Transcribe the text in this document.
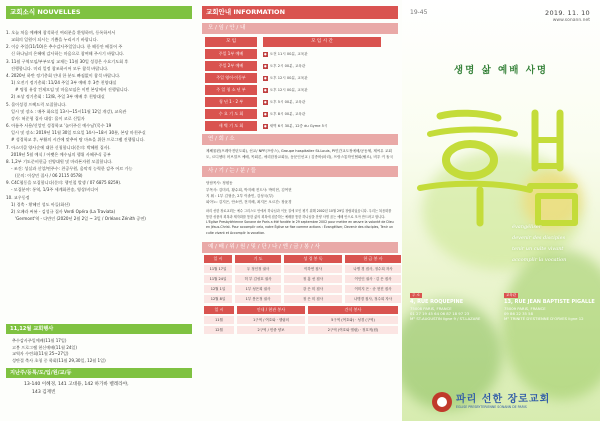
교회소식 NOUVELLES
1. 오늘 처음 예배에 참석하신 여러분을 환영하며, 등록하셔서
교회의 일원이 되시는 기쁨을 누리시기 바랍니다.
2. 이승 주일(11/10)은 추수감사주일입니다. 한 해동안 베풀어 주
신 하나님의 은혜에 감사하는 마음으로 참여해 주시기 바랍니다.
3. 11월 구역모임/부부모임 교재는 11월 30일 성경은 수요기도회 후
진행합니다. 미리 일정 참조하시어 모두 참석 바랍니다.
4. 2020년 하반 정기총회 안내 한 분도 빠짐없이 참석 바랍니다.
1) 오전기 정기총회: 11/24 주일 3부 예배 후 3층 친양대실
# 명칭 유상 컨제모임 및 마음모임은 이번 본당에서 진행됩니다.
2) 조상 정기총회 : 12/8, 주일 3부 예배 후 친양대실
5. 몰이성경 프랙드릭 모집합니다.
일시 및 장소 : 매주 화요일 13시~15시11월 12일 개강), 교육관
강사: 허준형 집사 대상: 몰이 코로 신입자
6. 아름주 사용/신앙인 성경학교 '놀이주신 예수님'(목수 19
일시 및 장소: 2019년 11월 30일 토요일 14시~18시 30분, 본당 마친주실
# 성경학교 후, 부활의 시간에 맞추어 탐 마쓰을 위한 프로그램 진행됩니다.
7. 아스미클 양사순에 대한 신청합니다(문의: 박혜원 집사).
2019년 5월 예식 / 어쨋은 예수님의 행위 사혜주식 공부
8. 1,2부 기도준비헌금 진양대원 및 마라톤자원 모집합니다.
- 조건: 성실과 신앙/연주수: 찬공무원, 음악적 능력한 감주 어르 가능
(문의: 이상민 집사 / 06 2115 0578)
9. C4C협동을 모집합니다(문의: 행인철 발생 / 07 6875 8259).
- 모집분야: 통역, 1/3주 세계화찬송, 영상/비디어
10. 교우동정
1) 경축 - 황혜인 성도 아들(화산)
2) 오페라 씨뷰 - 김성규 집사 Verdi Opéra (La Traviata)
'Germont'역 - 다만인 (2020년 2월 2일 ~ 3일 / Orléans Zénith 공연)
11,12월 교회행사
추수감사주일예배(11월 17일)
고봉 프로그램 현신예배(11월 24일)
교역자 수련회(11월 25~27일)
성탄절 축사 초청 중 학회(11월 29,30일, 12월 1일)
지난주/등록/도/입/원/교/등
13-140 이혜경, 141 고대용, 142 하가바 벨레라야,
143 김재빈
교회안내 INFORMATION
모 / 임 / 안 / 내
모 임	모 임 시 간
주일 1부 예배	● 오전 11시 00분, 교육관
주일 2부 예배	● 오후 2시 00분, 교육관
주일 영어·이동부	● 오후 12시 00분, 교육관
주 일 청 소 년 부	● 오후 12시 00분, 교육관
청 년 1 · 2 부	● 오후 5시 00분, 교육관
수 요 기 도 회	● 오후 8시 00분, 교육관
새 벽 기 도 회	● 새벽 6시 30분, 12층 du Gyme 5시
연 / 회 / 소
제쎄물편(프레아전턴도회), 선교/ NPF(프랑스), Groupe hospitalier St-Louis, PI민간교도정예배/공동체, 제씨무 교회도, 르디센터 어브말프 예배, 목회론, 애리한장교회들, 동문인선교 / 김종바(파리), 프랑스통학인협회(퓔르), 비우 커 돌국
사 / 기 / 는 / 분 / 들
당담목사: 정원동
부목사: 김미리, 황수희, 박지혜 전도사: 박미현, 김여현
지 휘 : 1부 김형준, 2부 이솔민, 김성국(부)
피아노: 김지은, 안소연, 전지혜, 최지은 오르간: 장윤경
파리 선한 장로교회는 예수 그리스도 안에서 하나님과 이웃 질에 모인 평기 위해 2002년 10월 29일 창립되었습니다. 우리는 복음화를 통한 성품의 회복과 제자화를 통한 삶의 회복에 집중하는 예배를 통한 하나님을 찬양 사명 꿈는 예배 안으로 모아 만드려고 합니다. L'Eglise Presbytérienne Sonane de Paris a été fondée le 29 septembre 2002 pour mettre en œuvre la volonté de Dieu en Jésus-Christ. Pour accomplir cela, notre Église se fixe comme actions : Évangéliser, Devenir des disciples, Tenir un culte vivant et Accomplir la vocation.
예 / 배 / 위 / 원 / 및 / 단 / 나 / 엔 / 금 / 봉 / 사
일 시	기 도	성 경 봉 독	헌 금 봉 사
11월 17일	우 정인정 권사	이하연 집사	나병 경 집사, 정수희 자사
11월 24일	허 부 김성호 권사	정 홍 선 집사	이인인 권사 · 김 은 집사
12월 1일	1부 성은희 권사	강 은 미 집사	이미지 은 · 송 현진 집사
12월 8일	1부 봉은정 권사	정 은 미 집사	나병경 집사, 정수희 자사
일 시	안내 / 현관 봉사	간식 봉사
11월	1구역 / 여호와 · 엘림의	5구역 (여호와) · 성경 (구역)
12월	2구역 / 민중 양보	2구역 (여호와 엘림) · 정호적(원)
19-45	2019. 11. 10
www.sonann.net
생명 삶 예배 사명
évangéliser
devenir des disciples
tenir un culte vivant
accomplir la vocation
주 소
4, RUE ROQUEPINE
75008 PARIS, FRANCE
01 27 19 45 64 06 87 18 97 23
M° ST-AUGUSTIN ligne 9 / ST-LAZARE
교육관
13, RUE JEAN BAPTISTE PIGALLE
75009 PARIS, FRANCE
09 86 22 35 58
M° TRINITÉ D'ESTIENNE D'ORVES ligne 12
파리 선한 장로교회
EGLISE PRESBYTERIENNE SONANN DE PARIS
